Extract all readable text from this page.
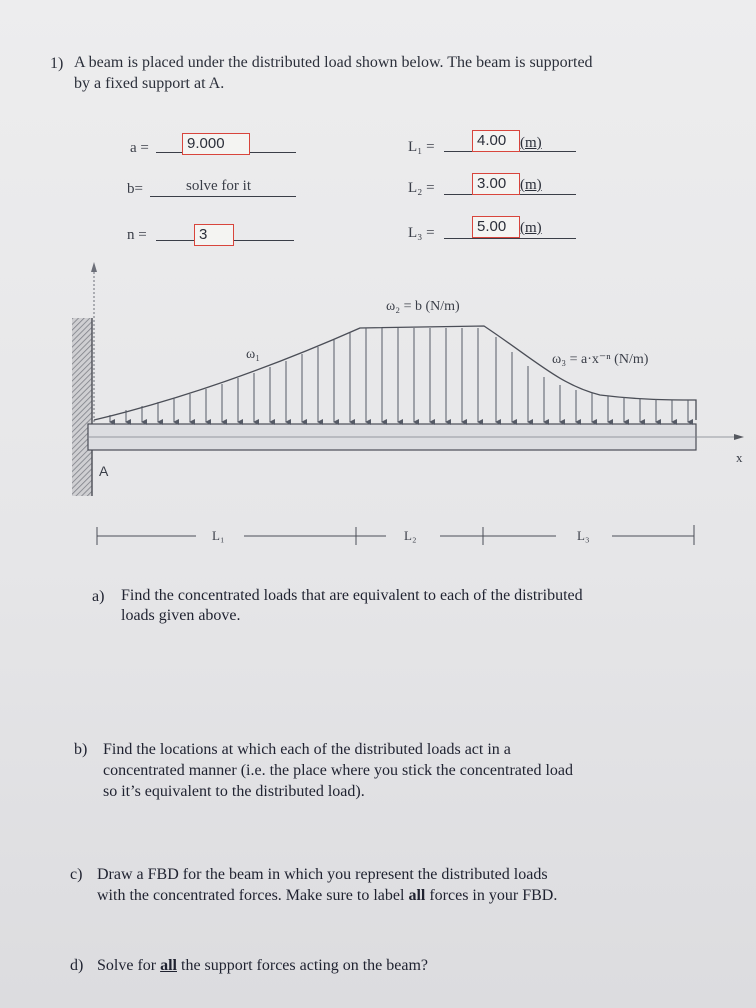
1) A beam is placed under the distributed load shown below. The beam is supported
by a fixed support at A.
a =	9.000
b=	solve for it
n =	3
L₁ =	4.00 (m)
L₂ =	3.00 (m)
L₃ =	5.00 (m)
ω₁
ω₂ = b (N/m)
ω₃ = a·x⁻ⁿ (N/m)
A
x
L₁	L₂	L₃
a) Find the concentrated loads that are equivalent to each of the distributed
loads given above.
b) Find the locations at which each of the distributed loads act in a
concentrated manner (i.e. the place where you stick the concentrated load
so it’s equivalent to the distributed load).
c) Draw a FBD for the beam in which you represent the distributed loads
with the concentrated forces. Make sure to label all forces in your FBD.
d) Solve for all the support forces acting on the beam?
